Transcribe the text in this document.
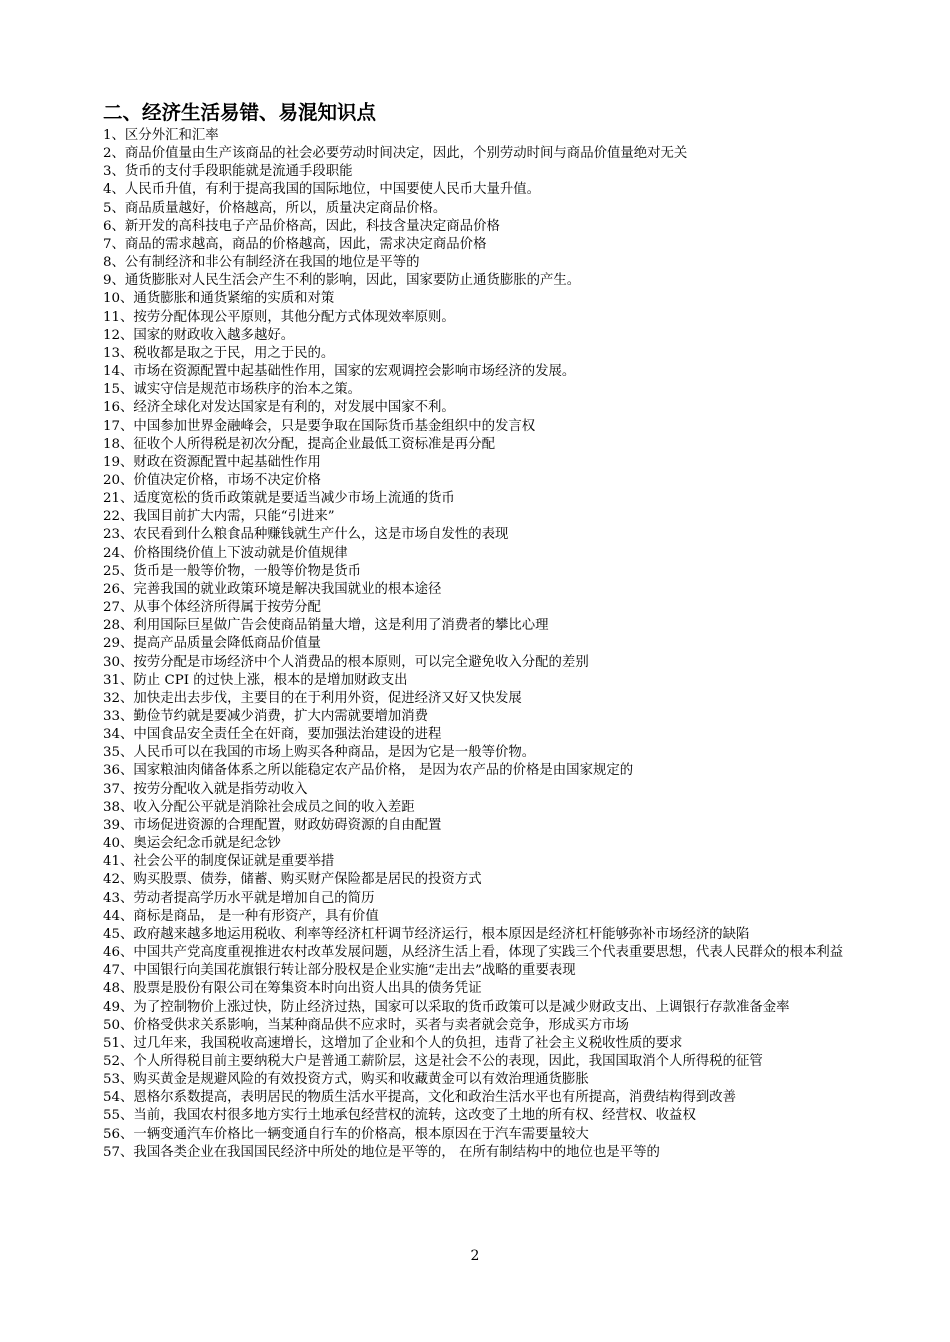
二、经济生活易错、易混知识点
1、区分外汇和汇率
2、商品价值量由生产该商品的社会必要劳动时间决定，因此，个别劳动时间与商品价值量绝对无关
3、货币的支付手段职能就是流通手段职能
4、人民币升值，有利于提高我国的国际地位，中国要使人民币大量升值。
5、商品质量越好，价格越高，所以，质量决定商品价格。
6、新开发的高科技电子产品价格高，因此，科技含量决定商品价格
7、商品的需求越高，商品的价格越高，因此，需求决定商品价格
8、公有制经济和非公有制经济在我国的地位是平等的
9、通货膨胀对人民生活会产生不利的影响，因此，国家要防止通货膨胀的产生。
10、通货膨胀和通货紧缩的实质和对策
11、按劳分配体现公平原则，其他分配方式体现效率原则。
12、国家的财政收入越多越好。
13、税收都是取之于民，用之于民的。
14、市场在资源配置中起基础性作用，国家的宏观调控会影响市场经济的发展。
15、诚实守信是规范市场秩序的治本之策。
16、经济全球化对发达国家是有利的，对发展中国家不利。
17、中国参加世界金融峰会，只是要争取在国际货币基金组织中的发言权
18、征收个人所得税是初次分配，提高企业最低工资标准是再分配
19、财政在资源配置中起基础性作用
20、价值决定价格，市场不决定价格
21、适度宽松的货币政策就是要适当减少市场上流通的货币
22、我国目前扩大内需，只能“引进来”
23、农民看到什么粮食品种赚钱就生产什么，这是市场自发性的表现
24、价格围绕价值上下波动就是价值规律
25、货币是一般等价物，一般等价物是货币
26、完善我国的就业政策环境是解决我国就业的根本途径
27、从事个体经济所得属于按劳分配
28、利用国际巨星做广告会使商品销量大增，这是利用了消费者的攀比心理
29、提高产品质量会降低商品价值量
30、按劳分配是市场经济中个人消费品的根本原则，可以完全避免收入分配的差别
31、防止 CPI 的过快上涨，根本的是增加财政支出
32、加快走出去步伐，主要目的在于利用外资，促进经济又好又快发展
33、勤俭节约就是要减少消费，扩大内需就要增加消费
34、中国食品安全责任全在奸商，要加强法治建设的进程
35、人民币可以在我国的市场上购买各种商品，是因为它是一般等价物。
36、国家粮油肉储备体系之所以能稳定农产品价格， 是因为农产品的价格是由国家规定的
37、按劳分配收入就是指劳动收入
38、收入分配公平就是消除社会成员之间的收入差距
39、市场促进资源的合理配置，财政妨碍资源的自由配置
40、奥运会纪念币就是纪念钞
41、社会公平的制度保证就是重要举措
42、购买股票、债券，储蓄、购买财产保险都是居民的投资方式
43、劳动者提高学历水平就是增加自己的简历
44、商标是商品， 是一种有形资产，具有价值
45、政府越来越多地运用税收、利率等经济杠杆调节经济运行，根本原因是经济杠杆能够弥补市场经济的缺陷
46、中国共产党高度重视推进农村改革发展问题，从经济生活上看，体现了实践三个代表重要思想，代表人民群众的根本利益
47、中国银行向美国花旗银行转让部分股权是企业实施“走出去”战略的重要表现
48、股票是股份有限公司在筹集资本时向出资人出具的债务凭证
49、为了控制物价上涨过快，防止经济过热，国家可以采取的货币政策可以是减少财政支出、上调银行存款准备金率
50、价格受供求关系影响，当某种商品供不应求时，买者与卖者就会竞争，形成买方市场
51、过几年来，我国税收高速增长，这增加了企业和个人的负担，违背了社会主义税收性质的要求
52、个人所得税目前主要纳税大户是普通工薪阶层，这是社会不公的表现，因此，我国国取消个人所得税的征管
53、购买黄金是规避风险的有效投资方式，购买和收藏黄金可以有效治理通货膨胀
54、恩格尔系数提高，表明居民的物质生活水平提高，文化和政治生活水平也有所提高，消费结构得到改善
55、当前，我国农村很多地方实行土地承包经营权的流转，这改变了土地的所有权、经营权、收益权
56、一辆变通汽车价格比一辆变通自行车的价格高，根本原因在于汽车需要量较大
57、我国各类企业在我国国民经济中所处的地位是平等的， 在所有制结构中的地位也是平等的
2
